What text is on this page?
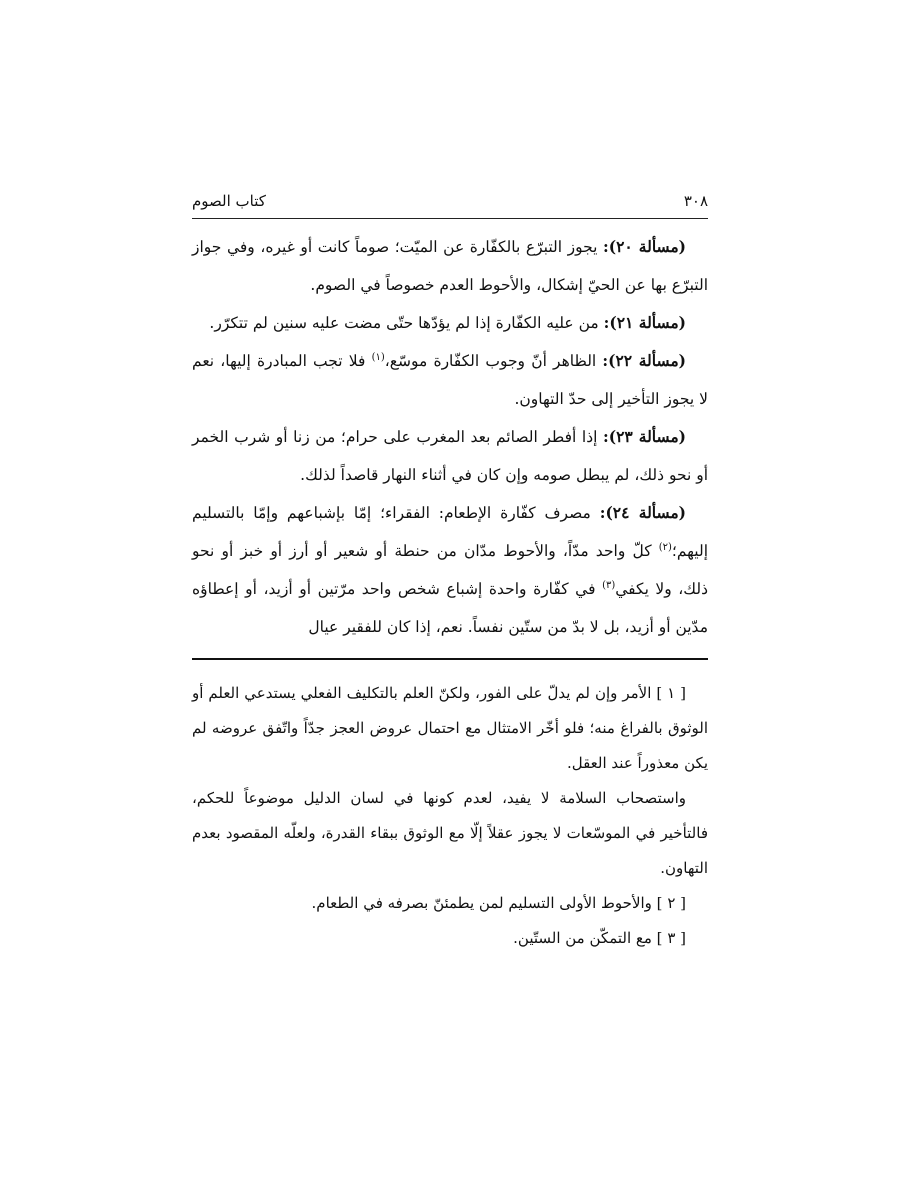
كتاب الصوم	٣٠٨

(مسألة ٢٠): يجوز التبرّع بالكفّارة عن الميّت؛ صوماً كانت أو غيره، وفي جواز التبرّع بها عن الحيّ إشكال، والأحوط العدم خصوصاً في الصوم.

(مسألة ٢١): من عليه الكفّارة إذا لم يؤدّها حتّى مضت عليه سنين لم تتكرّر.

(مسألة ٢٢): الظاهر أنّ وجوب الكفّارة موسّع،$^{(١)}$ فلا تجب المبادرة إليها، نعم لا يجوز التأخير إلى حدّ التهاون.

(مسألة ٢٣): إذا أفطر الصائم بعد المغرب على حرام؛ من زنا أو شرب الخمر أو نحو ذلك، لم يبطل صومه وإن كان في أثناء النهار قاصداً لذلك.

(مسألة ٢٤): مصرف كفّارة الإطعام: الفقراء؛ إمّا بإشباعهم وإمّا بالتسليم إليهم؛$^{(٢)}$ كلّ واحد مدّاً، والأحوط مدّان من حنطة أو شعير أو أرز أو خبز أو نحو ذلك، ولا يكفي$^{(٣)}$ في كفّارة واحدة إشباع شخص واحد مرّتين أو أزيد، أو إعطاؤه مدّين أو أزيد، بل لا بدّ من ستّين نفساً. نعم، إذا كان للفقير عيال

[ ١ ] الأمر وإن لم يدلّ على الفور، ولكنّ العلم بالتكليف الفعلي يستدعي العلم أو الوثوق بالفراغ منه؛ فلو أخّر الامتثال مع احتمال عروض العجز جدّاً واتّفق عروضه لم يكن معذوراً عند العقل.

واستصحاب السلامة لا يفيد، لعدم كونها في لسان الدليل موضوعاً للحكم، فالتأخير في الموسّعات لا يجوز عقلاً إلّا مع الوثوق ببقاء القدرة، ولعلّه المقصود بعدم التهاون.

[ ٢ ] والأحوط الأولى التسليم لمن يطمئنّ بصرفه في الطعام.

[ ٣ ] مع التمكّن من الستّين.
